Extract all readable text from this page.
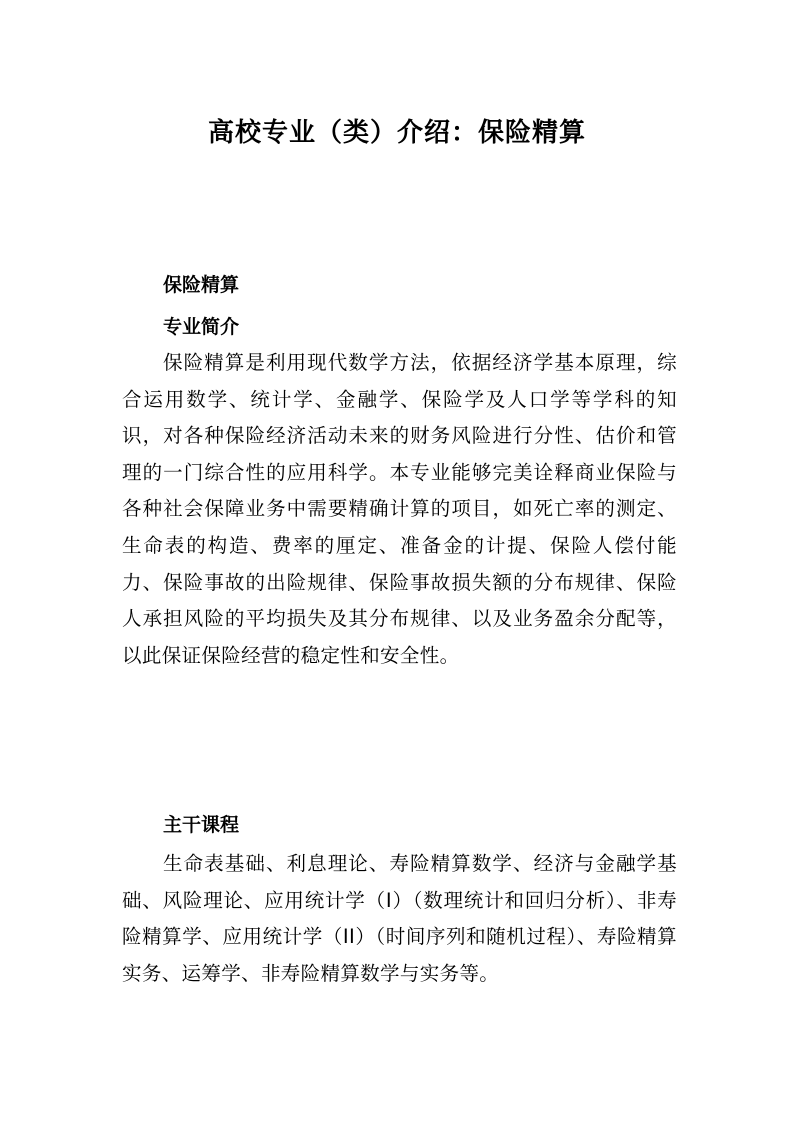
高校专业（类）介绍：保险精算

保险精算

专业简介

保险精算是利用现代数学方法，依据经济学基本原理，综合运用数学、统计学、金融学、保险学及人口学等学科的知识，对各种保险经济活动未来的财务风险进行分性、估价和管理的一门综合性的应用科学。本专业能够完美诠释商业保险与各种社会保障业务中需要精确计算的项目，如死亡率的测定、生命表的构造、费率的厘定、准备金的计提、保险人偿付能力、保险事故的出险规律、保险事故损失额的分布规律、保险人承担风险的平均损失及其分布规律、以及业务盈余分配等，以此保证保险经营的稳定性和安全性。

主干课程

生命表基础、利息理论、寿险精算数学、经济与金融学基础、风险理论、应用统计学（I）（数理统计和回归分析）、非寿险精算学、应用统计学（II）（时间序列和随机过程）、寿险精算实务、运筹学、非寿险精算数学与实务等。
